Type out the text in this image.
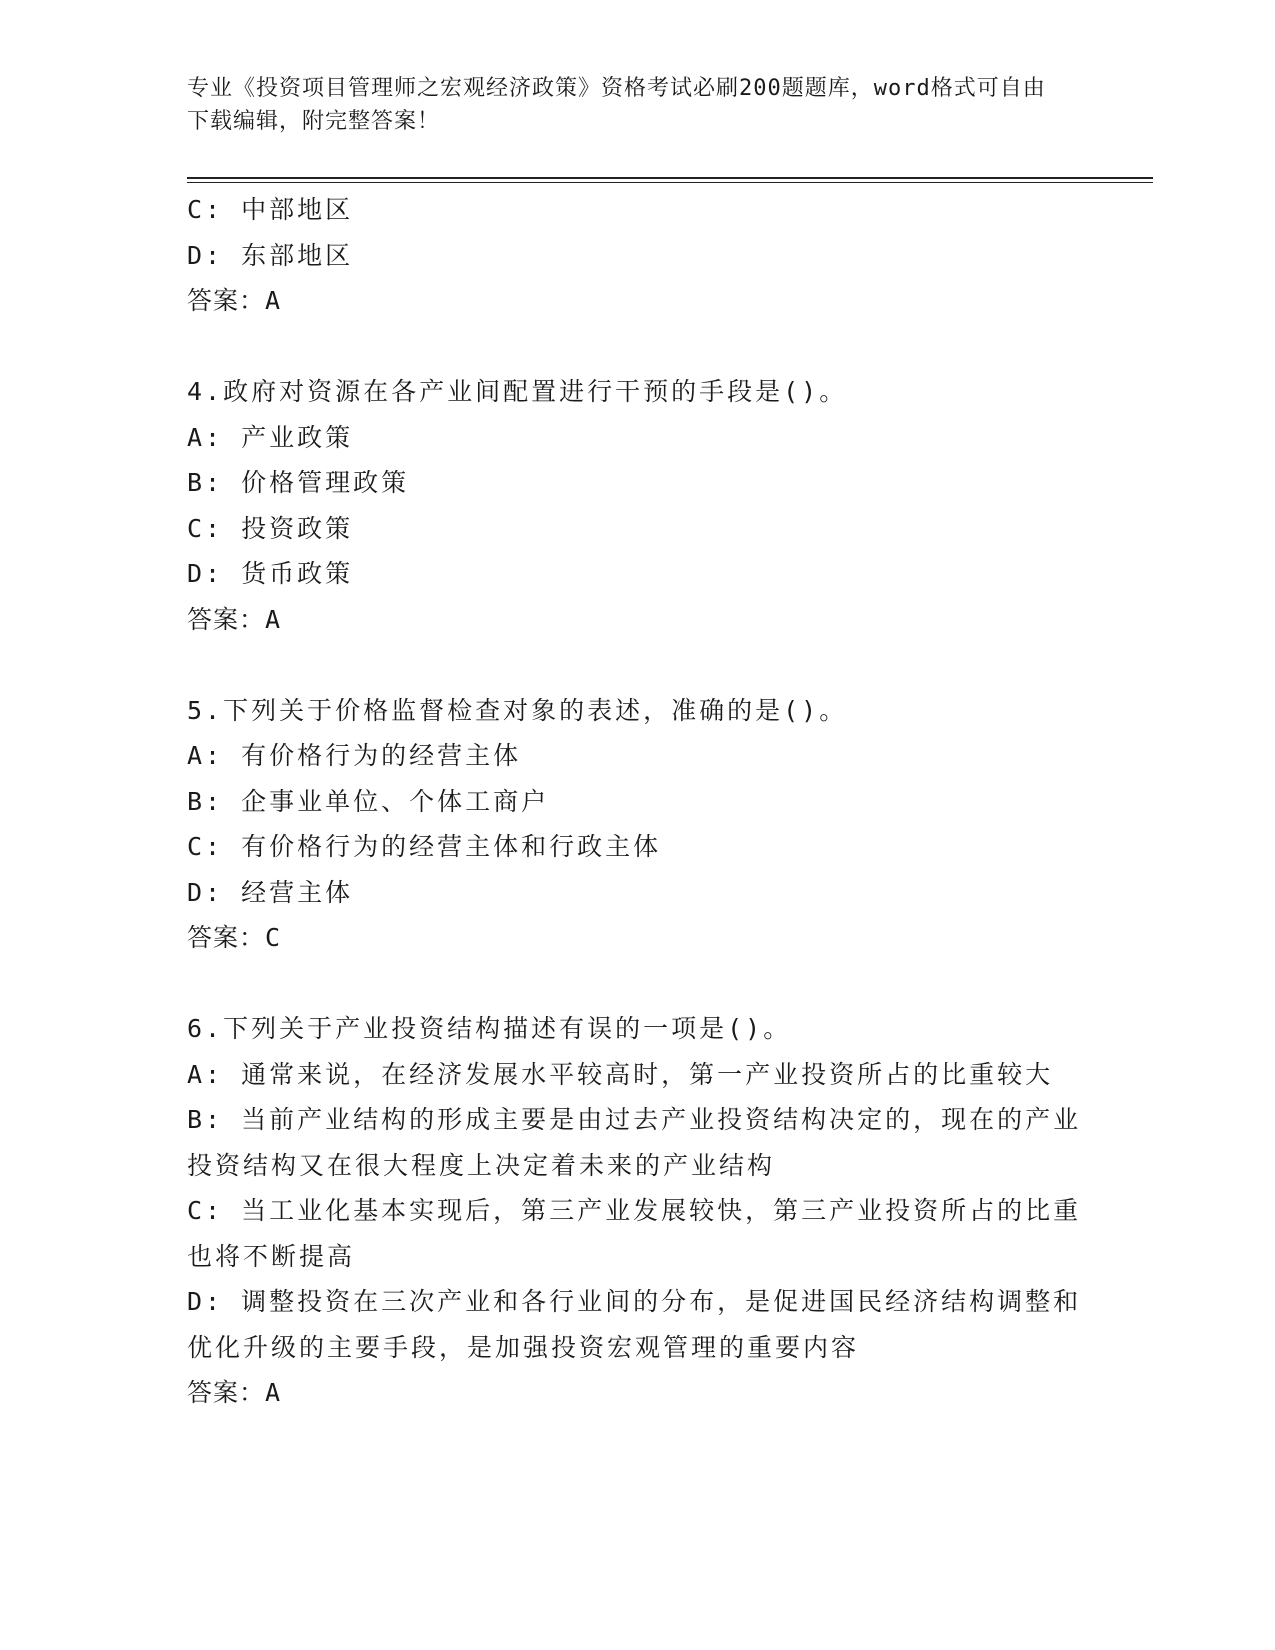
专业《投资项目管理师之宏观经济政策》资格考试必刷200题题库，word格式可自由下载编辑，附完整答案！
C: 中部地区
D: 东部地区
答案：A
4.政府对资源在各产业间配置进行干预的手段是()。
A: 产业政策
B: 价格管理政策
C: 投资政策
D: 货币政策
答案：A
5.下列关于价格监督检查对象的表述，准确的是()。
A: 有价格行为的经营主体
B: 企事业单位、个体工商户
C: 有价格行为的经营主体和行政主体
D: 经营主体
答案：C
6.下列关于产业投资结构描述有误的一项是()。
A: 通常来说，在经济发展水平较高时，第一产业投资所占的比重较大
B: 当前产业结构的形成主要是由过去产业投资结构决定的，现在的产业投资结构又在很大程度上决定着未来的产业结构
C: 当工业化基本实现后，第三产业发展较快，第三产业投资所占的比重也将不断提高
D: 调整投资在三次产业和各行业间的分布，是促进国民经济结构调整和优化升级的主要手段，是加强投资宏观管理的重要内容
答案：A
